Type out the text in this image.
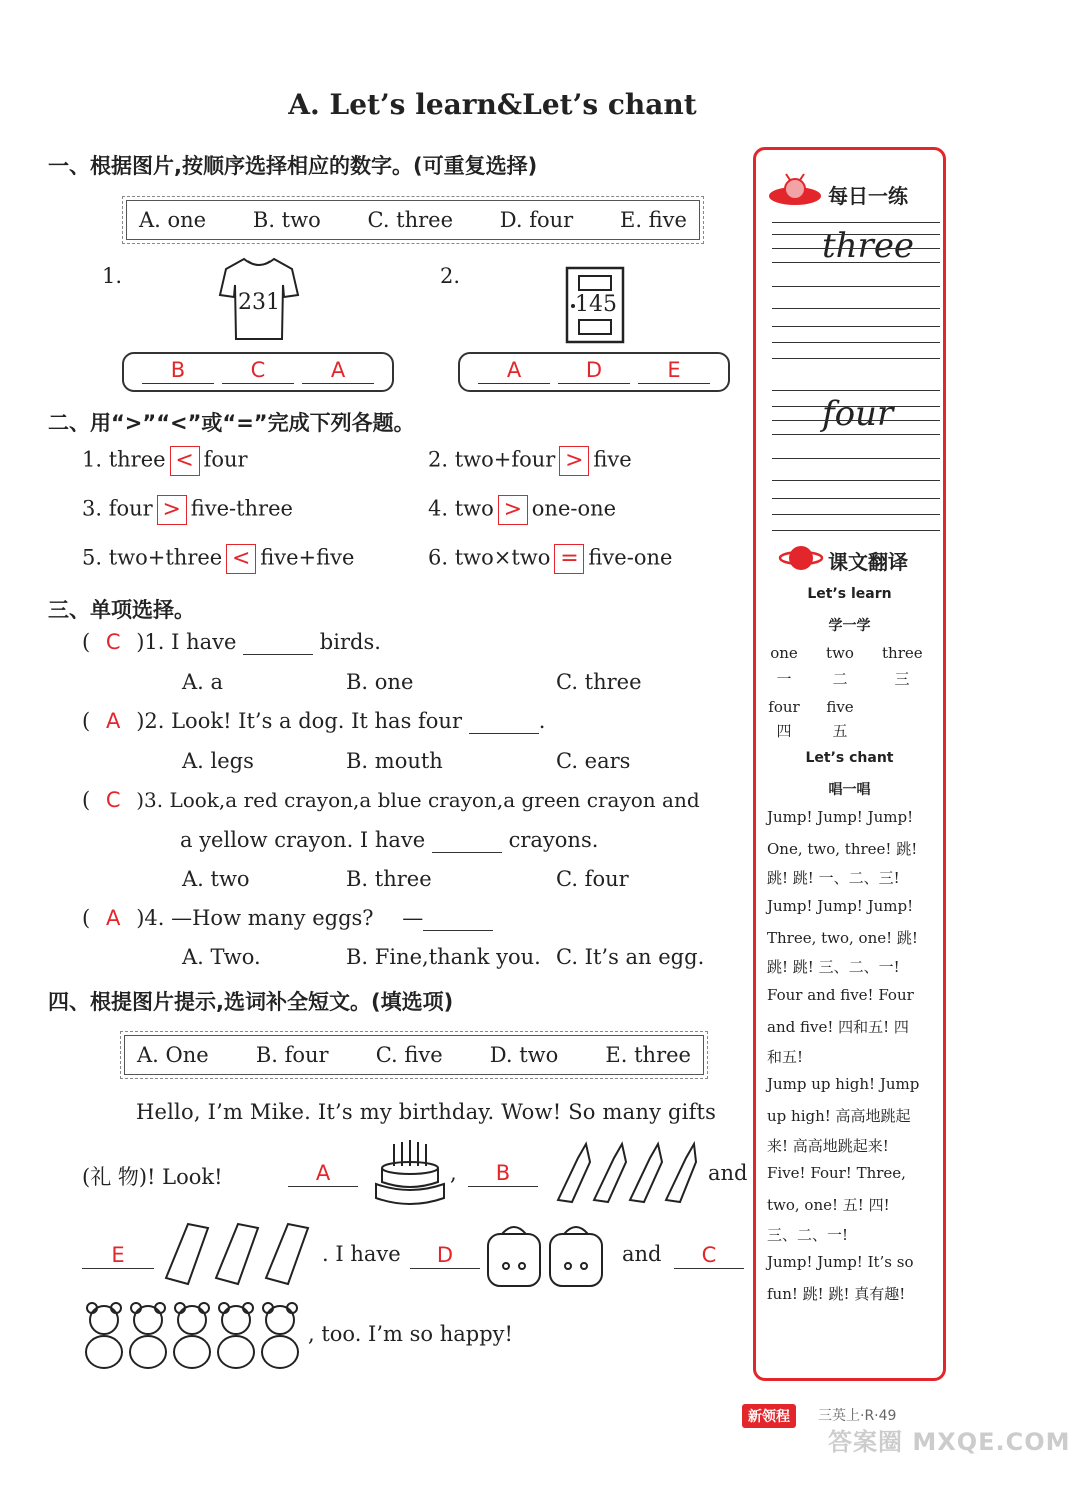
A. Let’s learn&Let’s chant
一、根据图片,按顺序选择相应的数字。(可重复选择)
A. one B. two C. three D. four E. five
1.
231
2.
145
B	C	A	A	D	E
二、用“>”“<”或“=”完成下列各题。
1. three < four	2. two+four > five
3. four > five-three	4. two > one-one
5. two+three < five+five	6. two×two = five-one
三、单项选择。
( C )1. I have	birds.
A. a	B. one	C. three
( A )2. Look! It’s a dog. It has four	.
A. legs	B. mouth	C. ears
( C )3. Look,a red crayon,a blue crayon,a green crayon and
a yellow crayon. I have	crayons.
A. two	B. three	C. four
( A )4. —How many eggs? —
A. Two.	B. Fine,thank you. C. It’s an egg.
四、根提图片提示,选词补全短文。(填选项)
A. One B. four C. five D. two E. three
Hello, I’m Mike. It’s my birthday. Wow! So many gifts
(礼 物)! Look!	A	,	B	and
E	. I have	D	and	C
, too. I’m so happy!
每日一练
three
four
课文翻译
Let’s learn
学一学
one	two	three
一	二	三
four	five
四	五
Let’s chant
唱一唱
Jump! Jump! Jump!
One, two, three! 跳!
跳! 跳! 一、二、三!
Jump! Jump! Jump!
Three, two, one! 跳!
跳! 跳! 三、二、一!
Four and five! Four
and five! 四和五! 四
和五!
Jump up high! Jump
up high! 高高地跳起
来! 高高地跳起来!
Five! Four! Three,
two, one! 五! 四!
三、二、一!
Jump! Jump! It’s so
fun! 跳! 跳! 真有趣!
新领程	三英上·R·49
答案圈 MXQE.COM
